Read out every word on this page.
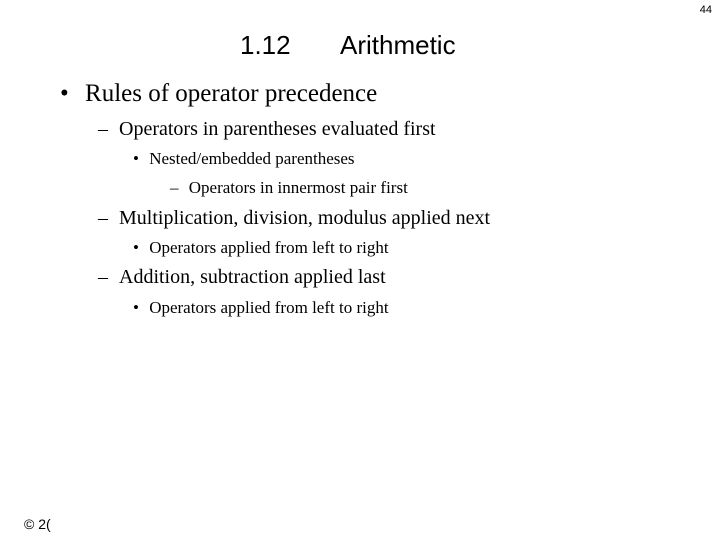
44
1.12 Arithmetic
• Rules of operator precedence
– Operators in parentheses evaluated first
• Nested/embedded parentheses
– Operators in innermost pair first
– Multiplication, division, modulus applied next
• Operators applied from left to right
– Addition, subtraction applied last
• Operators applied from left to right
© 2(
